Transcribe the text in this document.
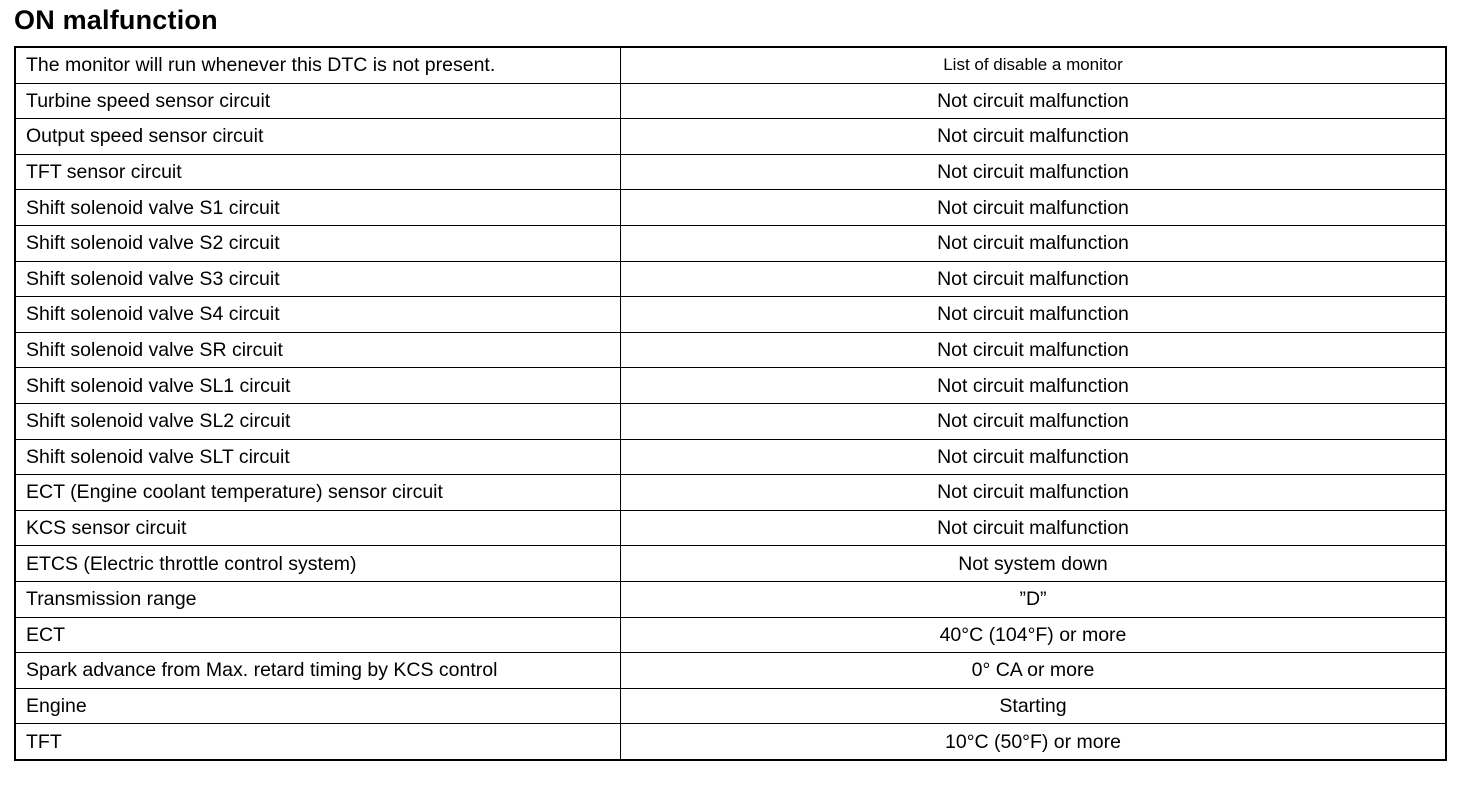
ON malfunction
The monitor will run whenever this DTC is not present.	List of disable a monitor
Turbine speed sensor circuit	Not circuit malfunction
Output speed sensor circuit	Not circuit malfunction
TFT sensor circuit	Not circuit malfunction
Shift solenoid valve S1 circuit	Not circuit malfunction
Shift solenoid valve S2 circuit	Not circuit malfunction
Shift solenoid valve S3 circuit	Not circuit malfunction
Shift solenoid valve S4 circuit	Not circuit malfunction
Shift solenoid valve SR circuit	Not circuit malfunction
Shift solenoid valve SL1 circuit	Not circuit malfunction
Shift solenoid valve SL2 circuit	Not circuit malfunction
Shift solenoid valve SLT circuit	Not circuit malfunction
ECT (Engine coolant temperature) sensor circuit	Not circuit malfunction
KCS sensor circuit	Not circuit malfunction
ETCS (Electric throttle control system)	Not system down
Transmission range	”D”
ECT	40°C (104°F) or more
Spark advance from Max. retard timing by KCS control	0° CA or more
Engine	Starting
TFT	10°C (50°F) or more
